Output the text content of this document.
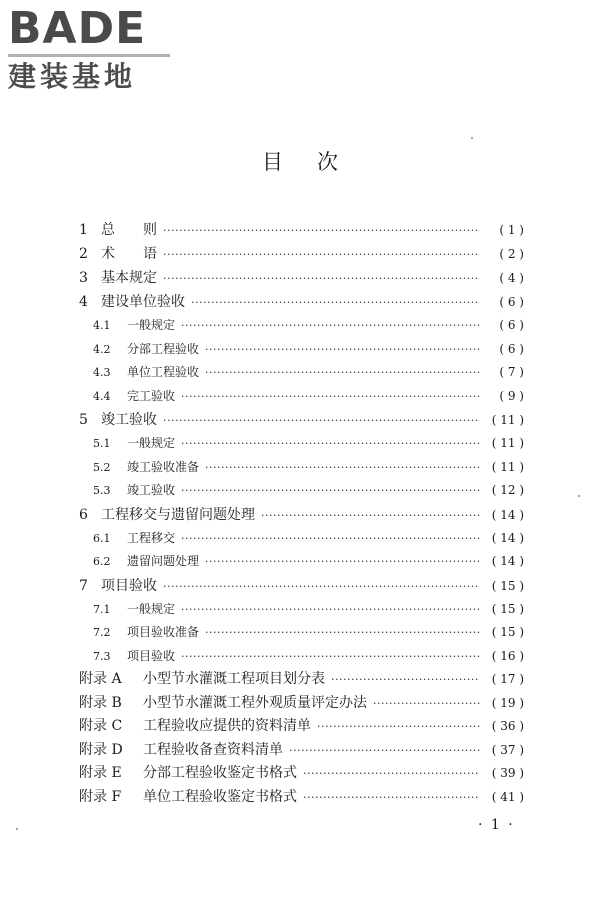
BADE
建装基地
目次
1 总　　则 ·····	( 1 )
2 术　　语 ·····	( 2 )
3 基本规定 ·····	( 4 )
4 建设单位验收 ·····	( 6 )
4.1	一般规定 ·····	( 6 )
4.2	分部工程验收 ·····	( 6 )
4.3	单位工程验收 ·····	( 7 )
4.4	完工验收 ·····	( 9 )
5 竣工验收 ·····	( 11 )
5.1	一般规定 ·····	( 11 )
5.2	竣工验收准备 ·····	( 11 )
5.3	竣工验收 ·····	( 12 )
6 工程移交与遗留问题处理 ·····	( 14 )
6.1	工程移交 ·····	( 14 )
6.2	遗留问题处理 ·····	( 14 )
7 项目验收 ·····	( 15 )
7.1	一般规定 ·····	( 15 )
7.2	项目验收准备 ·····	( 15 )
7.3	项目验收 ·····	( 16 )
附录 A	小型节水灌溉工程项目划分表 ·····	( 17 )
附录 B	小型节水灌溉工程外观质量评定办法 ·····	( 19 )
附录 C	工程验收应提供的资料清单 ·····	( 36 )
附录 D	工程验收备查资料清单 ·····	( 37 )
附录 E	分部工程验收鉴定书格式 ·····	( 39 )
附录 F	单位工程验收鉴定书格式 ·····	( 41 )
· 1 ·
